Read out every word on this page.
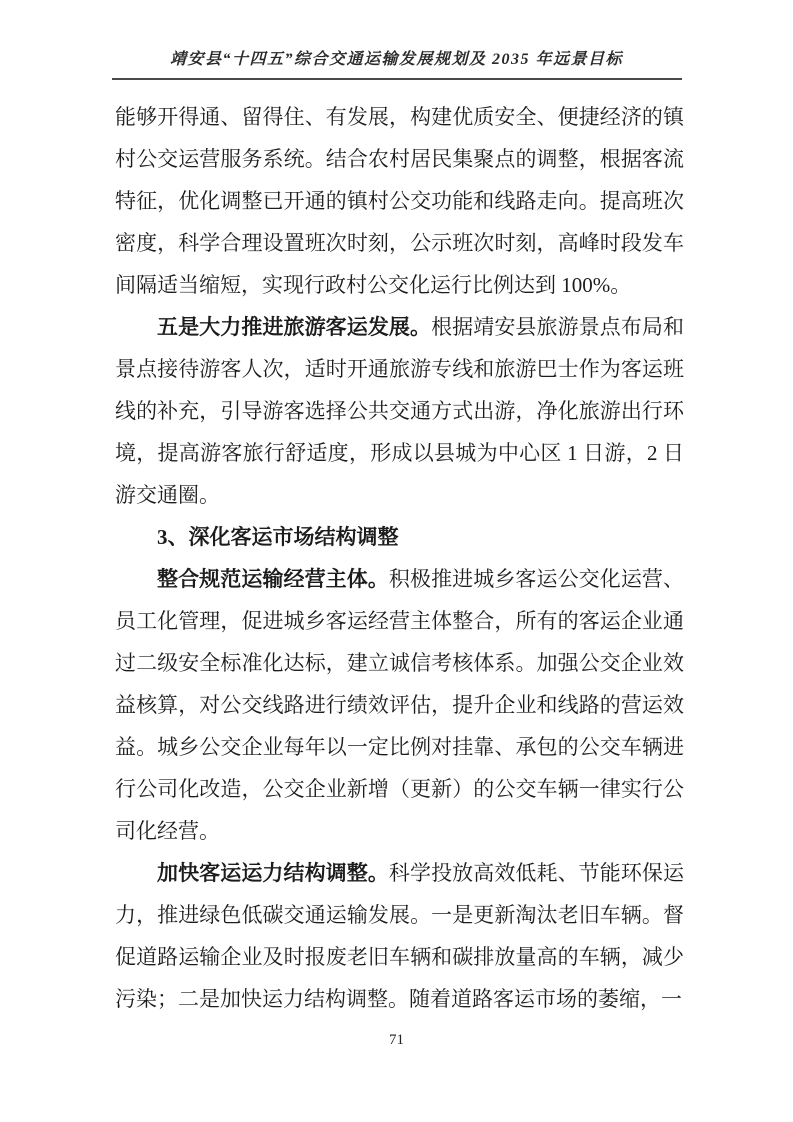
靖安县“十四五”综合交通运输发展规划及 2035 年远景目标

能够开得通、留得住、有发展，构建优质安全、便捷经济的镇村公交运营服务系统。结合农村居民集聚点的调整，根据客流特征，优化调整已开通的镇村公交功能和线路走向。提高班次密度，科学合理设置班次时刻，公示班次时刻，高峰时段发车间隔适当缩短，实现行政村公交化运行比例达到 100%。

五是大力推进旅游客运发展。根据靖安县旅游景点布局和景点接待游客人次，适时开通旅游专线和旅游巴士作为客运班线的补充，引导游客选择公共交通方式出游，净化旅游出行环境，提高游客旅行舒适度，形成以县城为中心区 1 日游，2 日游交通圈。

3、深化客运市场结构调整

整合规范运输经营主体。积极推进城乡客运公交化运营、员工化管理，促进城乡客运经营主体整合，所有的客运企业通过二级安全标准化达标，建立诚信考核体系。加强公交企业效益核算，对公交线路进行绩效评估，提升企业和线路的营运效益。城乡公交企业每年以一定比例对挂靠、承包的公交车辆进行公司化改造，公交企业新增（更新）的公交车辆一律实行公司化经营。

加快客运运力结构调整。科学投放高效低耗、节能环保运力，推进绿色低碳交通运输发展。一是更新淘汰老旧车辆。督促道路运输企业及时报废老旧车辆和碳排放量高的车辆，减少污染；二是加快运力结构调整。随着道路客运市场的萎缩，一

71
